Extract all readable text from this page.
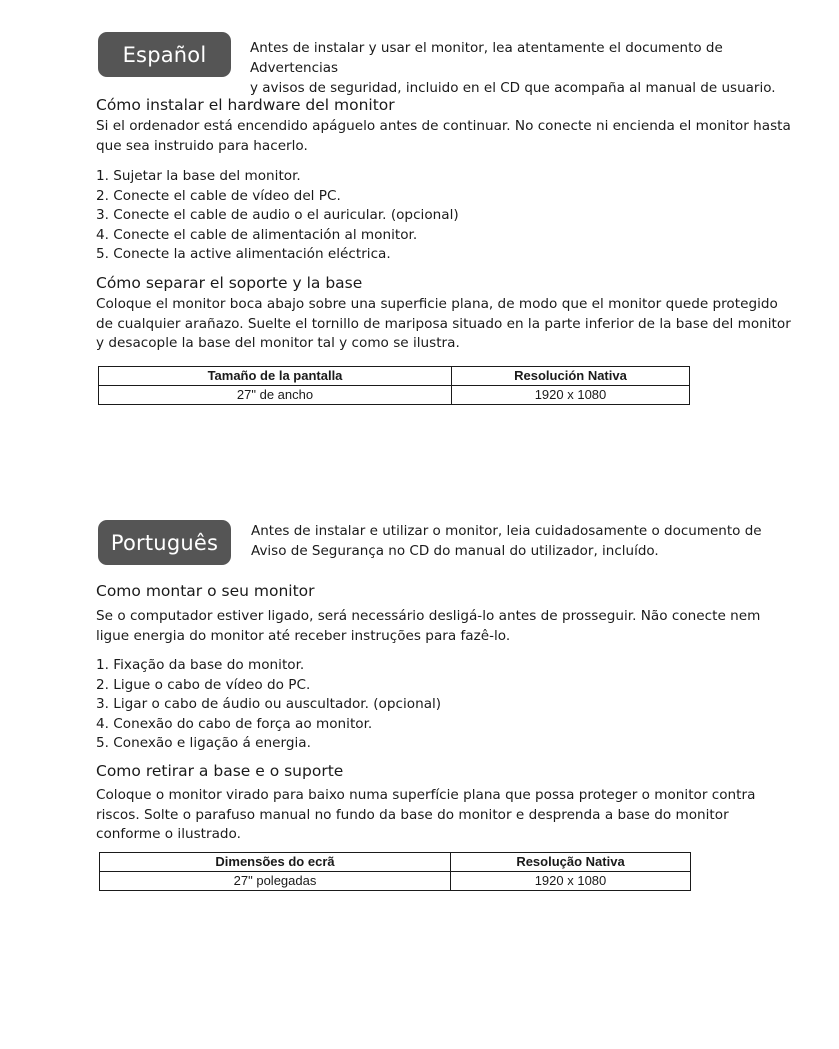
Español	Antes de instalar y usar el monitor, lea atentamente el documento de Advertencias
y avisos de seguridad, incluido en el CD que acompaña al manual de usuario.
Cómo instalar el hardware del monitor
Si el ordenador está encendido apáguelo antes de continuar. No conecte ni encienda el monitor hasta
que sea instruido para hacerlo.
1. Sujetar la base del monitor.
2. Conecte el cable de vídeo del PC.
3. Conecte el cable de audio o el auricular. (opcional)
4. Conecte el cable de alimentación al monitor.
5. Conecte la active alimentación eléctrica.
Cómo separar el soporte y la base
Coloque el monitor boca abajo sobre una superficie plana, de modo que el monitor quede protegido
de cualquier arañazo. Suelte el tornillo de mariposa situado en la parte inferior de la base del monitor
y desacople la base del monitor tal y como se ilustra.
Tamaño de la pantalla	Resolución Nativa
27" de ancho	1920 x 1080
Português	Antes de instalar e utilizar o monitor, leia cuidadosamente o documento de
Aviso de Segurança no CD do manual do utilizador, incluído.
Como montar o seu monitor
Se o computador estiver ligado, será necessário desligá-lo antes de prosseguir. Não conecte nem
ligue energia do monitor até receber instruções para fazê-lo.
1. Fixação da base do monitor.
2. Ligue o cabo de vídeo do PC.
3. Ligar o cabo de áudio ou auscultador. (opcional)
4. Conexão do cabo de força ao monitor.
5. Conexão e ligação á energia.
Como retirar a base e o suporte
Coloque o monitor virado para baixo numa superfície plana que possa proteger o monitor contra
riscos. Solte o parafuso manual no fundo da base do monitor e desprenda a base do monitor
conforme o ilustrado.
Dimensões do ecrã	Resolução Nativa
27" polegadas	1920 x 1080
